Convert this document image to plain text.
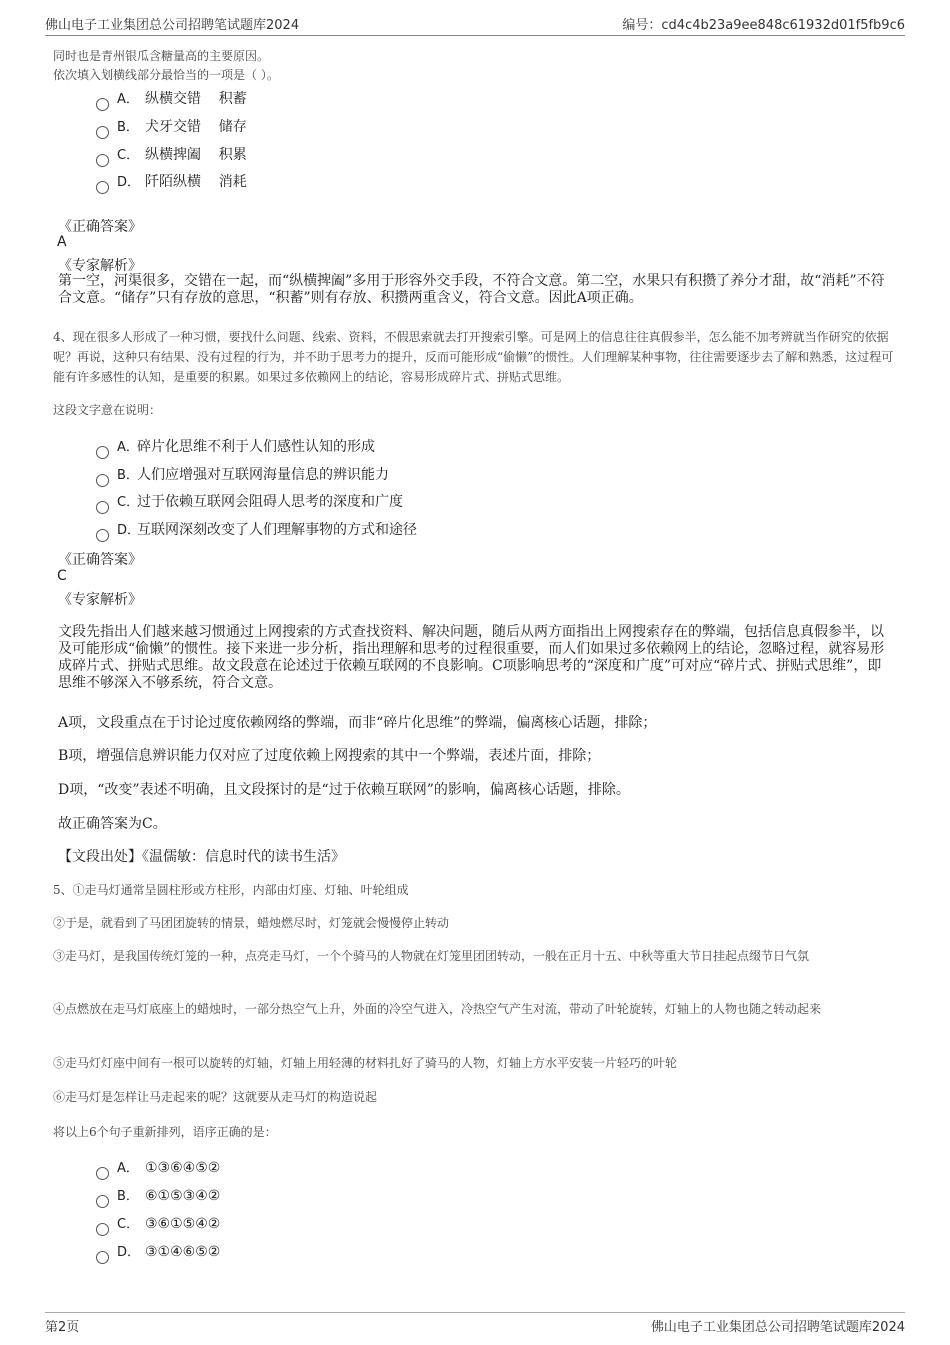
佛山电子工业集团总公司招聘笔试题库2024	编号：cd4c4b23a9ee848c61932d01f5fb9c6
同时也是青州银瓜含糖量高的主要原因。
依次填入划横线部分最恰当的一项是（ ）。
A． 纵横交错    积蓄
B． 犬牙交错    储存
C． 纵横捭阖    积累
D． 阡陌纵横    消耗
《正确答案》
A
《专家解析》
第一空，河渠很多，交错在一起，而“纵横捭阖”多用于形容外交手段，不符合文意。第二空，水果只有积攒了养分才甜，故“消耗”不符合文意。“储存”只有存放的意思，“积蓄”则有存放、积攒两重含义，符合文意。因此A项正确。
4、现在很多人形成了一种习惯，要找什么问题、线索、资料，不假思索就去打开搜索引擎。可是网上的信息往往真假参半，怎么能不加考辨就当作研究的依据呢？再说，这种只有结果、没有过程的行为，并不助于思考力的提升，反而可能形成“偷懒”的惯性。人们理解某种事物，往往需要逐步去了解和熟悉，这过程可能有许多感性的认知，是重要的积累。如果过多依赖网上的结论，容易形成碎片式、拼贴式思维。
这段文字意在说明：
A．碎片化思维不利于人们感性认知的形成
B．人们应增强对互联网海量信息的辨识能力
C．过于依赖互联网会阻碍人思考的深度和广度
D．互联网深刻改变了人们理解事物的方式和途径
《正确答案》
C
《专家解析》
文段先指出人们越来越习惯通过上网搜索的方式查找资料、解决问题，随后从两方面指出上网搜索存在的弊端，包括信息真假参半，以及可能形成“偷懒”的惯性。接下来进一步分析，指出理解和思考的过程很重要，而人们如果过多依赖网上的结论，忽略过程，就容易形成碎片式、拼贴式思维。故文段意在论述过于依赖互联网的不良影响。C项影响思考的“深度和广度”可对应“碎片式、拼贴式思维”，即思维不够深入不够系统，符合文意。
A项，文段重点在于讨论过度依赖网络的弊端，而非“碎片化思维”的弊端，偏离核心话题，排除；
B项，增强信息辨识能力仅对应了过度依赖上网搜索的其中一个弊端，表述片面，排除；
D项，“改变”表述不明确，且文段探讨的是“过于依赖互联网”的影响，偏离核心话题，排除。
故正确答案为C。
【文段出处】《温儒敏：信息时代的读书生活》
5、①走马灯通常呈圆柱形或方柱形，内部由灯座、灯轴、叶轮组成
②于是，就看到了马团团旋转的情景，蜡烛燃尽时，灯笼就会慢慢停止转动
③走马灯，是我国传统灯笼的一种，点亮走马灯，一个个骑马的人物就在灯笼里团团转动，一般在正月十五、中秋等重大节日挂起点缀节日气氛
④点燃放在走马灯底座上的蜡烛时，一部分热空气上升，外面的冷空气进入，冷热空气产生对流，带动了叶轮旋转，灯轴上的人物也随之转动起来
⑤走马灯灯座中间有一根可以旋转的灯轴，灯轴上用轻薄的材料扎好了骑马的人物，灯轴上方水平安装一片轻巧的叶轮
⑥走马灯是怎样让马走起来的呢？这就要从走马灯的构造说起
将以上6个句子重新排列，语序正确的是：
A． ①③⑥④⑤②
B． ⑥①⑤③④②
C． ③⑥①⑤④②
D． ③①④⑥⑤②
第2页	佛山电子工业集团总公司招聘笔试题库2024
